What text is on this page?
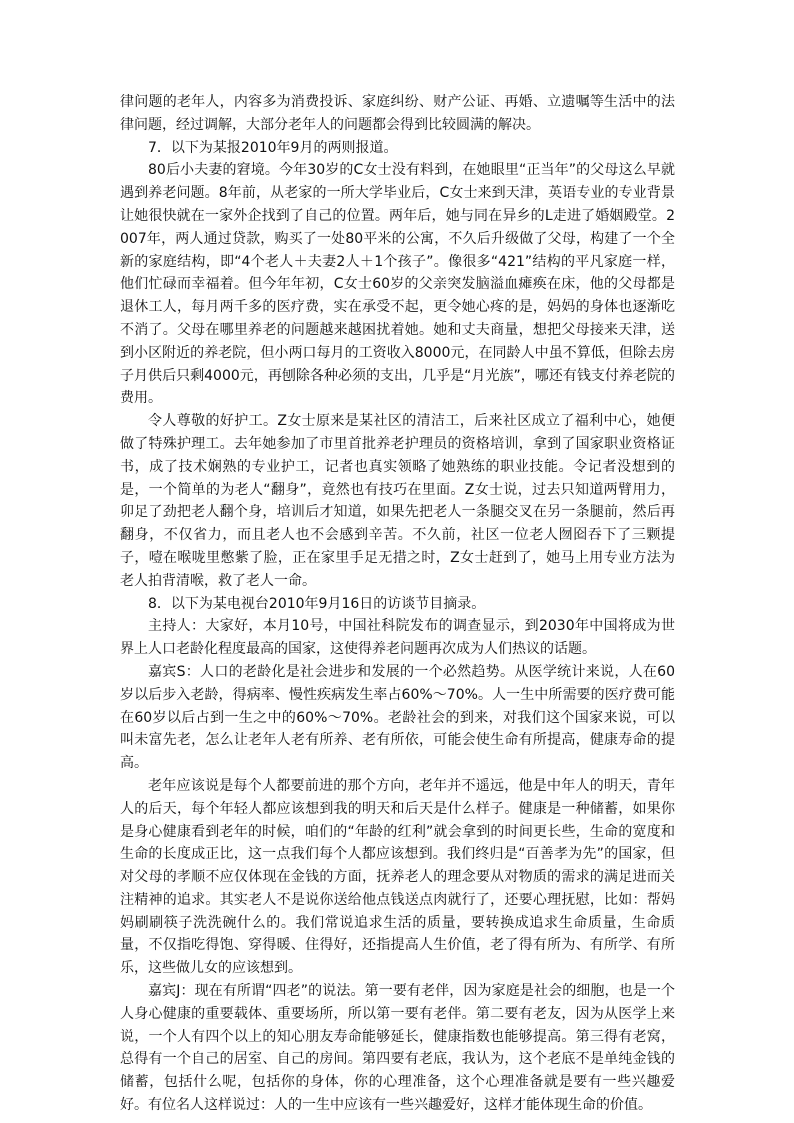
律问题的老年人，内容多为消费投诉、家庭纠纷、财产公证、再婚、立遗嘱等生活中的法律问题，经过调解，大部分老年人的问题都会得到比较圆满的解决。

7．以下为某报2010年9月的两则报道。

80后小夫妻的窘境。今年30岁的C女士没有料到，在她眼里“正当年”的父母这么早就遇到养老问题。8年前，从老家的一所大学毕业后，C女士来到天津，英语专业的专业背景让她很快就在一家外企找到了自己的位置。两年后，她与同在异乡的L走进了婚姻殿堂。2007年，两人通过贷款，购买了一处80平米的公寓，不久后升级做了父母，构建了一个全新的家庭结构，即“4个老人＋夫妻2人＋1个孩子”。像很多“421”结构的平凡家庭一样，他们忙碌而幸福着。但今年年初，C女士60岁的父亲突发脑溢血瘫痪在床，他的父母都是退休工人，每月两千多的医疗费，实在承受不起，更令她心疼的是，妈妈的身体也逐渐吃不消了。父母在哪里养老的问题越来越困扰着她。她和丈夫商量，想把父母接来天津，送到小区附近的养老院，但小两口每月的工资收入8000元，在同龄人中虽不算低，但除去房子月供后只剩4000元，再刨除各种必须的支出，几乎是“月光族”，哪还有钱支付养老院的费用。

令人尊敬的好护工。Z女士原来是某社区的清洁工，后来社区成立了福利中心，她便做了特殊护理工。去年她参加了市里首批养老护理员的资格培训，拿到了国家职业资格证书，成了技术娴熟的专业护工，记者也真实领略了她熟练的职业技能。令记者没想到的是，一个简单的为老人“翻身”，竟然也有技巧在里面。Z女士说，过去只知道两臂用力，卯足了劲把老人翻个身，培训后才知道，如果先把老人一条腿交叉在另一条腿前，然后再翻身，不仅省力，而且老人也不会感到辛苦。不久前，社区一位老人囫囵吞下了三颗提子，噎在喉咙里憋紫了脸，正在家里手足无措之时，Z女士赶到了，她马上用专业方法为老人拍背清喉，救了老人一命。

8．以下为某电视台2010年9月16日的访谈节目摘录。

主持人：大家好，本月10号，中国社科院发布的调查显示，到2030年中国将成为世界上人口老龄化程度最高的国家，这使得养老问题再次成为人们热议的话题。

嘉宾S：人口的老龄化是社会进步和发展的一个必然趋势。从医学统计来说，人在60岁以后步入老龄，得病率、慢性疾病发生率占60%～70%。人一生中所需要的医疗费可能在60岁以后占到一生之中的60%～70%。老龄社会的到来，对我们这个国家来说，可以叫未富先老，怎么让老年人老有所养、老有所依，可能会使生命有所提高，健康寿命的提高。

老年应该说是每个人都要前进的那个方向，老年并不遥远，他是中年人的明天，青年人的后天，每个年轻人都应该想到我的明天和后天是什么样子。健康是一种储蓄，如果你是身心健康看到老年的时候，咱们的“年龄的红利”就会拿到的时间更长些，生命的宽度和生命的长度成正比，这一点我们每个人都应该想到。我们终归是“百善孝为先”的国家，但对父母的孝顺不应仅体现在金钱的方面，抚养老人的理念要从对物质的需求的满足进而关注精神的追求。其实老人不是说你送给他点钱送点肉就行了，还要心理抚慰，比如：帮妈妈刷刷筷子洗洗碗什么的。我们常说追求生活的质量，要转换成追求生命质量，生命质量，不仅指吃得饱、穿得暖、住得好，还指提高人生价值，老了得有所为、有所学、有所乐，这些做儿女的应该想到。

嘉宾J：现在有所谓“四老”的说法。第一要有老伴，因为家庭是社会的细胞，也是一个人身心健康的重要载体、重要场所，所以第一要有老伴。第二要有老友，因为从医学上来说，一个人有四个以上的知心朋友寿命能够延长，健康指数也能够提高。第三得有老窝，总得有一个自己的居室、自己的房间。第四要有老底，我认为，这个老底不是单纯金钱的储蓄，包括什么呢，包括你的身体，你的心理准备，这个心理准备就是要有一些兴趣爱好。有位名人这样说过：人的一生中应该有一些兴趣爱好，这样才能体现生命的价值。
